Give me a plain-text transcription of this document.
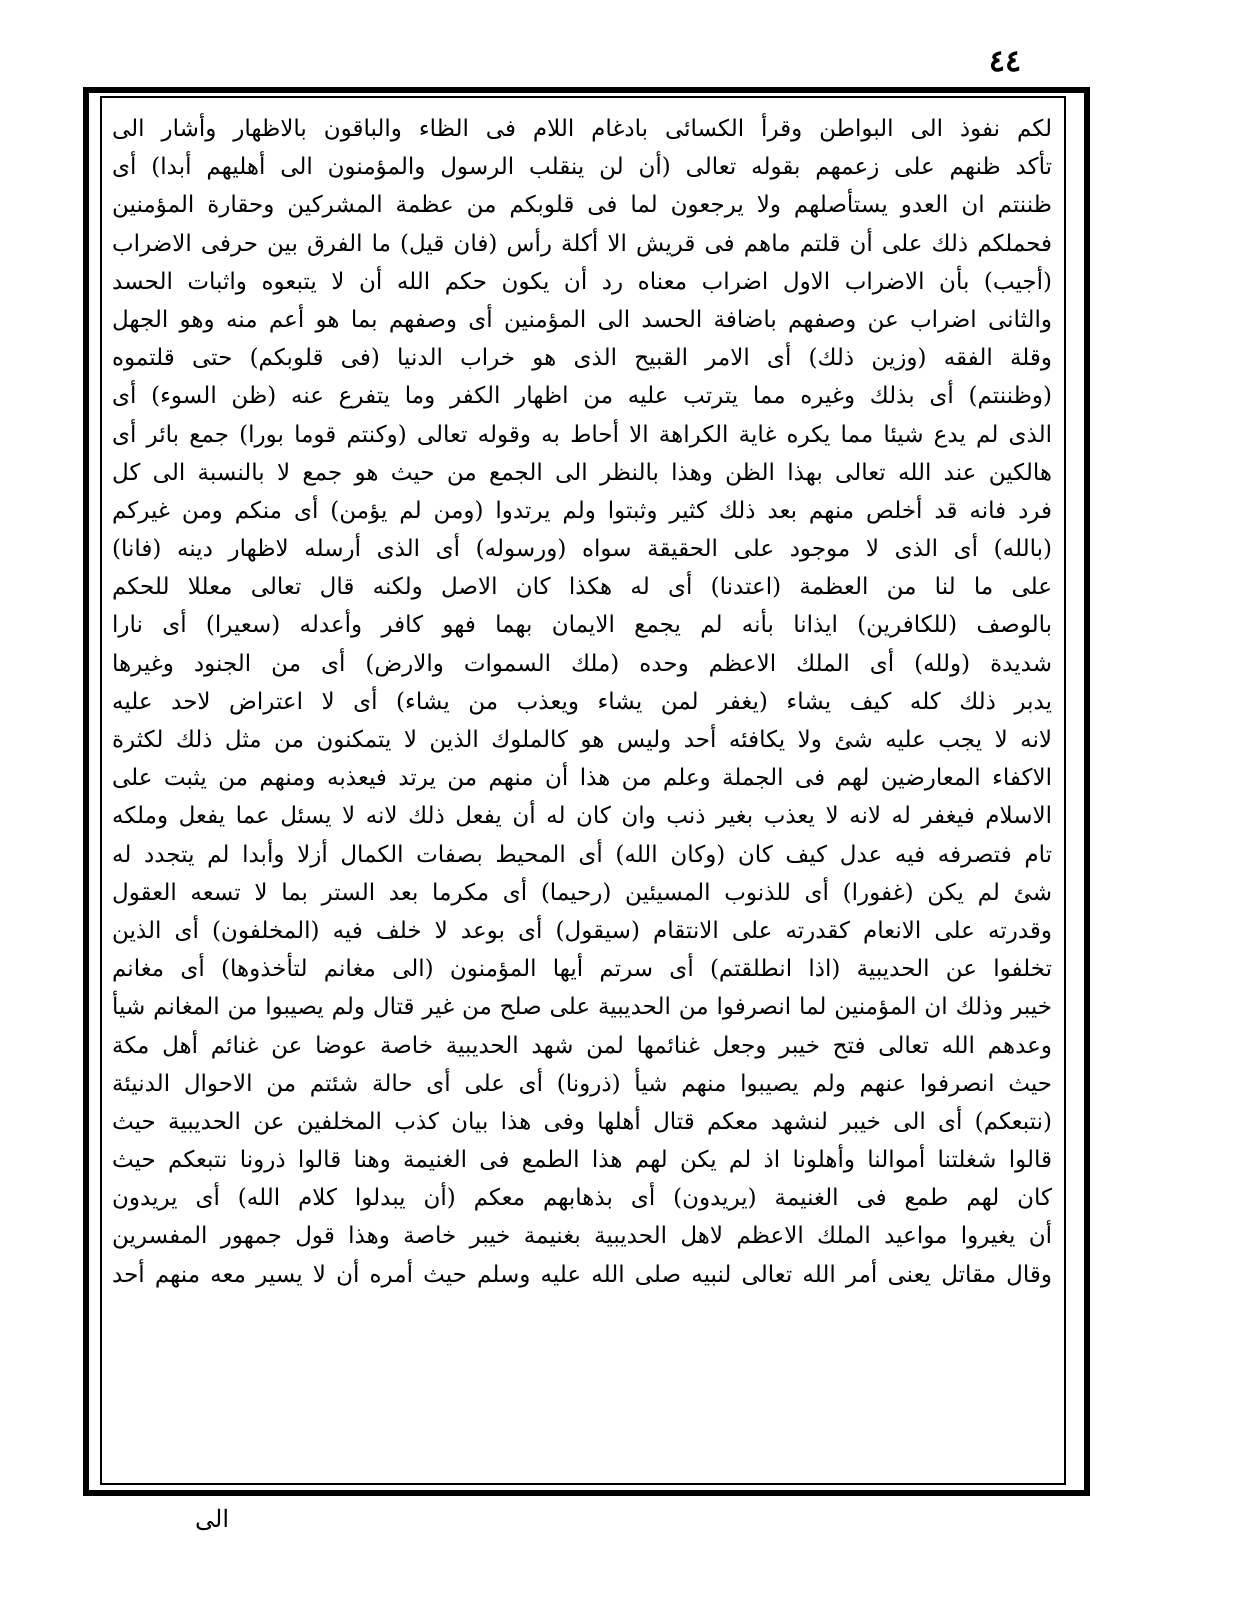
٤٤
لكم نفوذ الى البواطن وقرأ الكسائى بادغام اللام فى الظاء والباقون بالاظهار وأشار الى
تأكد ظنهم على زعمهم بقوله تعالى (أن لن ينقلب الرسول والمؤمنون الى أهليهم أبدا) أى
ظننتم ان العدو يستأصلهم ولا يرجعون لما فى قلوبكم من عظمة المشركين وحقارة المؤمنين
فحملكم ذلك على أن قلتم ماهم فى قريش الا أكلة رأس (فان قيل) ما الفرق بين حرفى الاضراب
(أجيب) بأن الاضراب الاول اضراب معناه رد أن يكون حكم الله أن لا يتبعوه واثبات الحسد
والثانى اضراب عن وصفهم باضافة الحسد الى المؤمنين أى وصفهم بما هو أعم منه وهو الجهل
وقلة الفقه (وزين ذلك) أى الامر القبيح الذى هو خراب الدنيا (فى قلوبكم) حتى قلتموه
(وظننتم) أى بذلك وغيره مما يترتب عليه من اظهار الكفر وما يتفرع عنه (ظن السوء) أى
الذى لم يدع شيئا مما يكره غاية الكراهة الا أحاط به وقوله تعالى (وكنتم قوما بورا) جمع بائر أى
هالكين عند الله تعالى بهذا الظن وهذا بالنظر الى الجمع من حيث هو جمع لا بالنسبة الى كل
فرد فانه قد أخلص منهم بعد ذلك كثير وثبتوا ولم يرتدوا (ومن لم يؤمن) أى منكم ومن غيركم
(بالله) أى الذى لا موجود على الحقيقة سواه (ورسوله) أى الذى أرسله لاظهار دينه (فانا)
على ما لنا من العظمة (اعتدنا) أى له هكذا كان الاصل ولكنه قال تعالى معللا للحكم
بالوصف (للكافرين) ايذانا بأنه لم يجمع الايمان بهما فهو كافر وأعدله (سعيرا) أى نارا
شديدة (ولله) أى الملك الاعظم وحده (ملك السموات والارض) أى من الجنود وغيرها
يدبر ذلك كله كيف يشاء (يغفر لمن يشاء ويعذب من يشاء) أى لا اعتراض لاحد عليه
لانه لا يجب عليه شئ ولا يكافئه أحد وليس هو كالملوك الذين لا يتمكنون من مثل ذلك لكثرة
الاكفاء المعارضين لهم فى الجملة وعلم من هذا أن منهم من يرتد فيعذبه ومنهم من يثبت على
الاسلام فيغفر له لانه لا يعذب بغير ذنب وان كان له أن يفعل ذلك لانه لا يسئل عما يفعل وملكه
تام فتصرفه فيه عدل كيف كان (وكان الله) أى المحيط بصفات الكمال أزلا وأبدا لم يتجدد له
شئ لم يكن (غفورا) أى للذنوب المسيئين (رحيما) أى مكرما بعد الستر بما لا تسعه العقول
وقدرته على الانعام كقدرته على الانتقام (سيقول) أى بوعد لا خلف فيه (المخلفون) أى الذين
تخلفوا عن الحديبية (اذا انطلقتم) أى سرتم أيها المؤمنون (الى مغانم لتأخذوها) أى مغانم
خيبر وذلك ان المؤمنين لما انصرفوا من الحديبية على صلح من غير قتال ولم يصيبوا من المغانم شيأ
وعدهم الله تعالى فتح خيبر وجعل غنائمها لمن شهد الحديبية خاصة عوضا عن غنائم أهل مكة
حيث انصرفوا عنهم ولم يصيبوا منهم شيأ (ذرونا) أى على أى حالة شئتم من الاحوال الدنيئة
(نتبعكم) أى الى خيبر لنشهد معكم قتال أهلها وفى هذا بيان كذب المخلفين عن الحديبية حيث
قالوا شغلتنا أموالنا وأهلونا اذ لم يكن لهم هذا الطمع فى الغنيمة وهنا قالوا ذرونا نتبعكم حيث
كان لهم طمع فى الغنيمة (يريدون) أى بذهابهم معكم (أن يبدلوا كلام الله) أى يريدون
أن يغيروا مواعيد الملك الاعظم لاهل الحديبية بغنيمة خيبر خاصة وهذا قول جمهور المفسرين
وقال مقاتل يعنى أمر الله تعالى لنبيه صلى الله عليه وسلم حيث أمره أن لا يسير معه منهم أحد
الى
